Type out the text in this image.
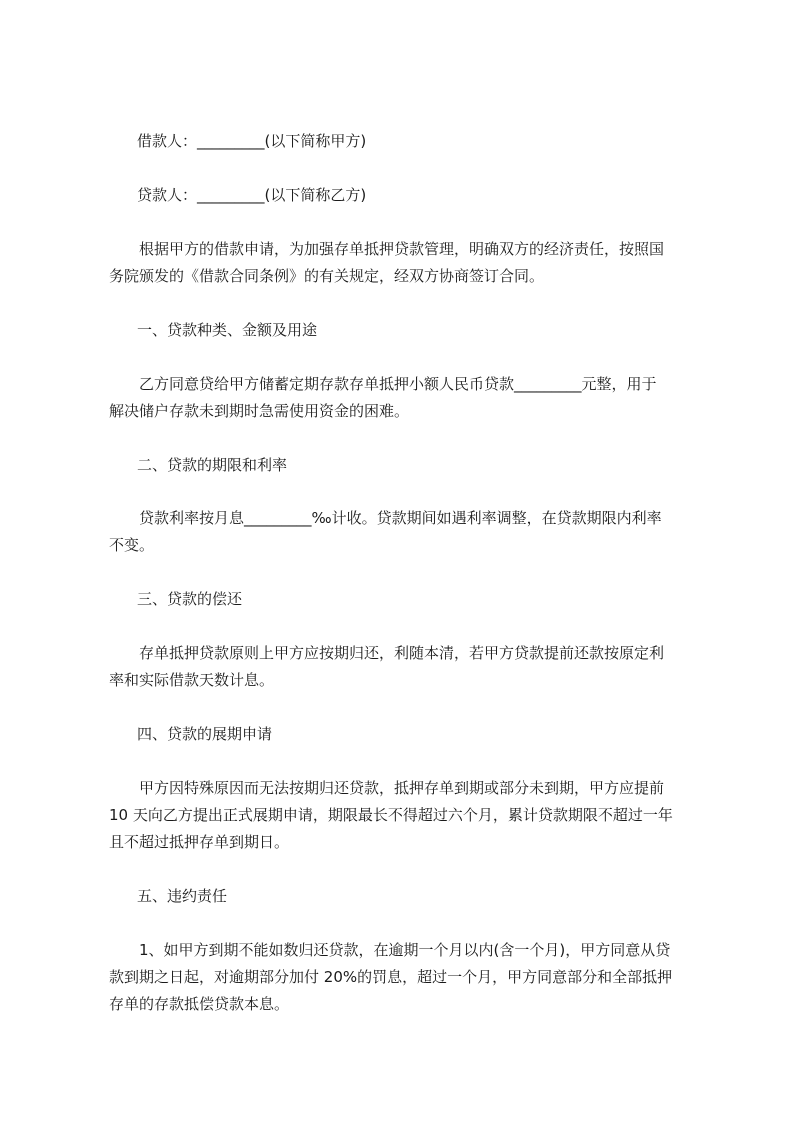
借款人：_________(以下简称甲方)
贷款人：_________(以下简称乙方)
根据甲方的借款申请，为加强存单抵押贷款管理，明确双方的经济责任，按照国
务院颁发的《借款合同条例》的有关规定，经双方协商签订合同。
一、贷款种类、金额及用途
乙方同意贷给甲方储蓄定期存款存单抵押小额人民币贷款_________元整，用于
解决储户存款未到期时急需使用资金的困难。
二、贷款的期限和利率
贷款利率按月息_________‰计收。贷款期间如遇利率调整，在贷款期限内利率
不变。
三、贷款的偿还
存单抵押贷款原则上甲方应按期归还，利随本清，若甲方贷款提前还款按原定利
率和实际借款天数计息。
四、贷款的展期申请
甲方因特殊原因而无法按期归还贷款，抵押存单到期或部分未到期，甲方应提前
10 天向乙方提出正式展期申请，期限最长不得超过六个月，累计贷款期限不超过一年
且不超过抵押存单到期日。
五、违约责任
1、如甲方到期不能如数归还贷款，在逾期一个月以内(含一个月)，甲方同意从贷
款到期之日起，对逾期部分加付 20%的罚息，超过一个月，甲方同意部分和全部抵押
存单的存款抵偿贷款本息。
